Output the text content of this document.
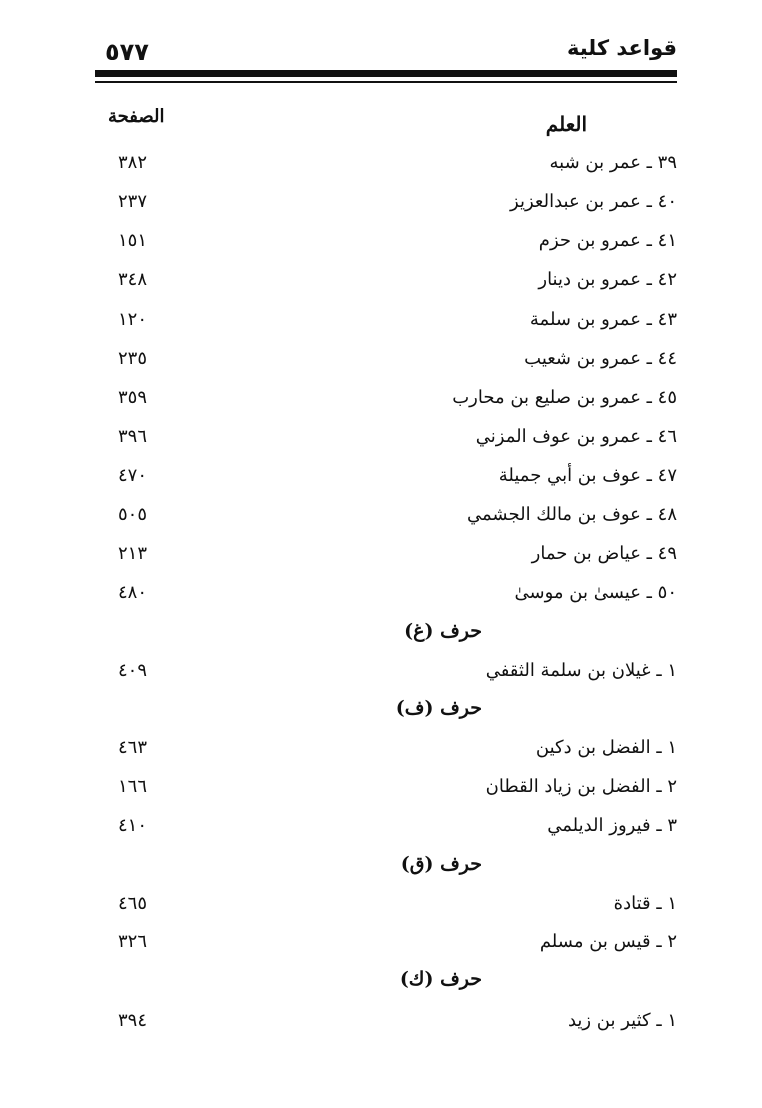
٥٧٧	قواعد كلية
العلم
الصفحة
٣٩ ـ عمر بن شبه
٣٨٢
٤٠ ـ عمر بن عبدالعزيز
٢٣٧
٤١ ـ عمرو بن حزم
١٥١
٤٢ ـ عمرو بن دينار
٣٤٨
٤٣ ـ عمرو بن سلمة
١٢٠
٤٤ ـ عمرو بن شعيب
٢٣٥
٤٥ ـ عمرو بن صليع بن محارب
٣٥٩
٤٦ ـ عمرو بن عوف المزني
٣٩٦
٤٧ ـ عوف بن أبي جميلة
٤٧٠
٤٨ ـ عوف بن مالك الجشمي
٥٠٥
٤٩ ـ عياض بن حمار
٢١٣
٥٠ ـ عيسىٰ بن موسىٰ
٤٨٠
حرف (غ)
١ ـ غيلان بن سلمة الثقفي
٤٠٩
حرف (ف)
١ ـ الفضل بن دكين
٤٦٣
٢ ـ الفضل بن زياد القطان
١٦٦
٣ ـ فيروز الديلمي
٤١٠
حرف (ق)
١ ـ قتادة
٤٦٥
٢ ـ قيس بن مسلم
٣٢٦
حرف (ك)
١ ـ كثير بن زيد
٣٩٤
